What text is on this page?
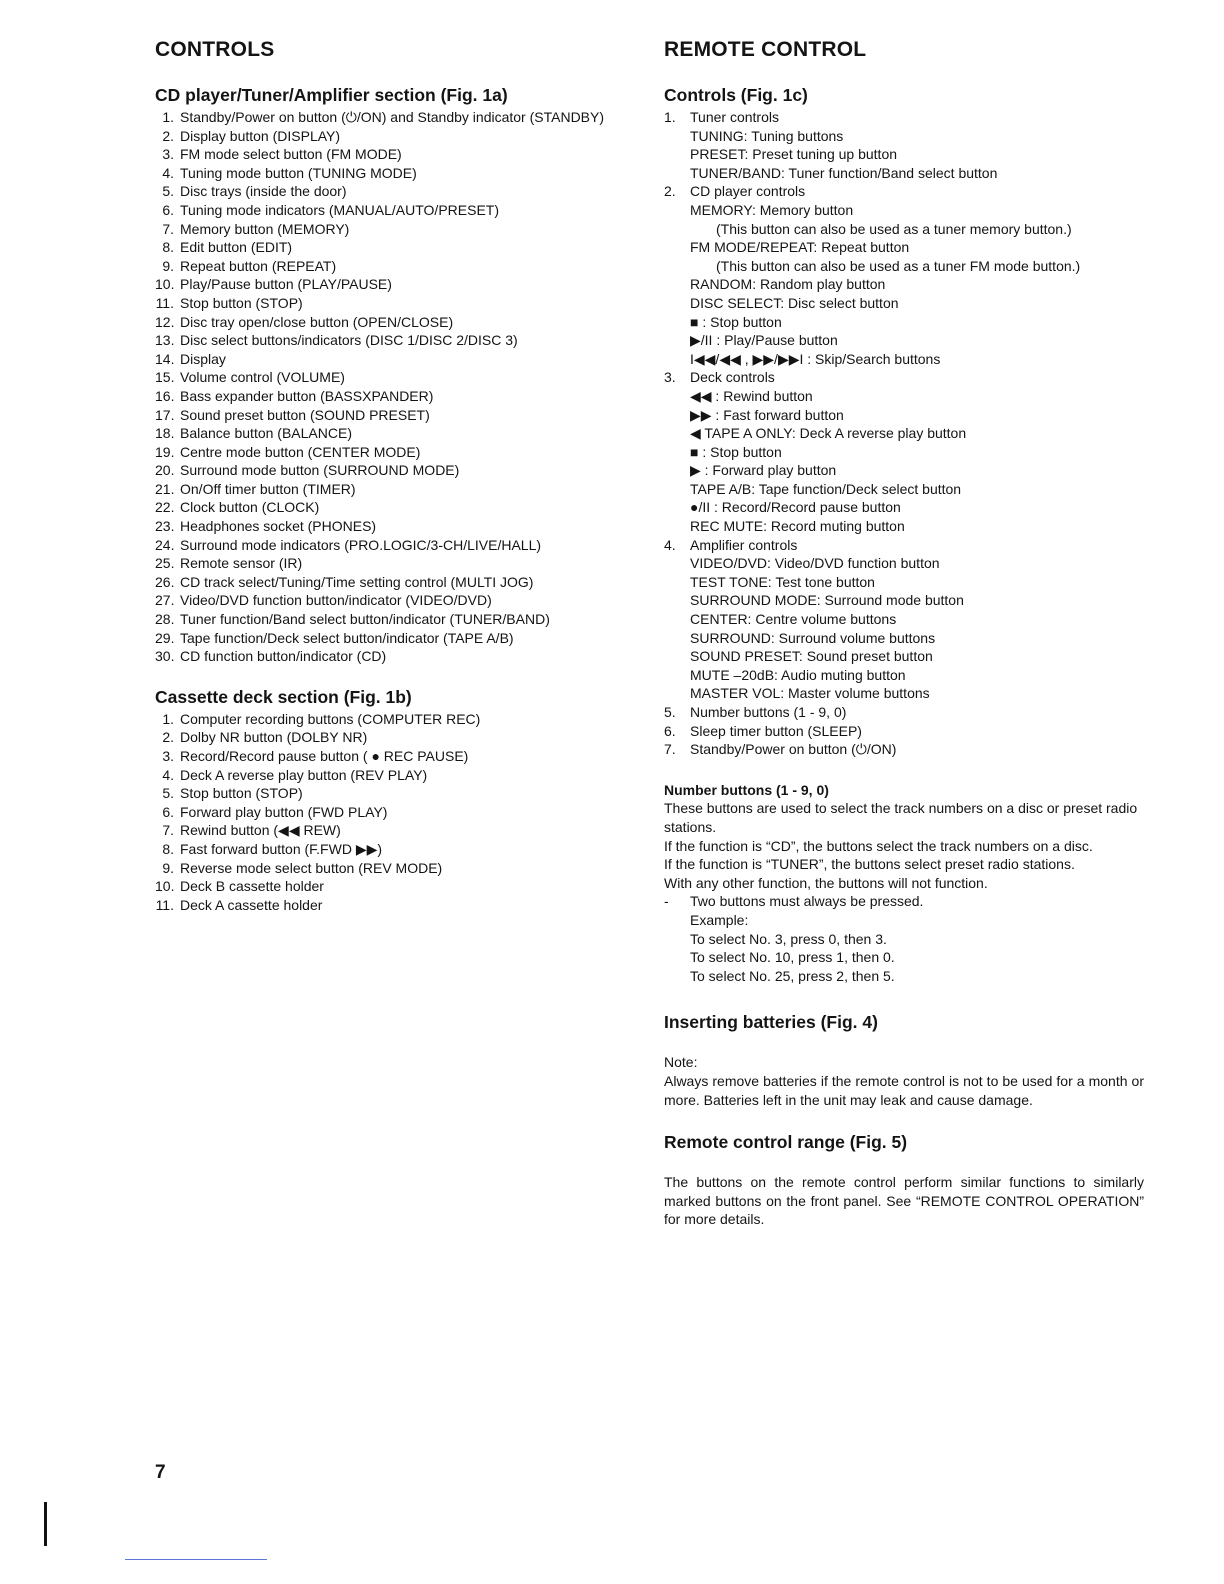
CONTROLS
CD player/Tuner/Amplifier section (Fig. 1a)
1. Standby/Power on button (⏻/ON) and Standby indicator (STANDBY)
2. Display button (DISPLAY)
3. FM mode select button (FM MODE)
4. Tuning mode button (TUNING MODE)
5. Disc trays (inside the door)
6. Tuning mode indicators (MANUAL/AUTO/PRESET)
7. Memory button (MEMORY)
8. Edit button (EDIT)
9. Repeat button (REPEAT)
10. Play/Pause button (PLAY/PAUSE)
11. Stop button (STOP)
12. Disc tray open/close button (OPEN/CLOSE)
13. Disc select buttons/indicators (DISC 1/DISC 2/DISC 3)
14. Display
15. Volume control (VOLUME)
16. Bass expander button (BASSXPANDER)
17. Sound preset button (SOUND PRESET)
18. Balance button (BALANCE)
19. Centre mode button (CENTER MODE)
20. Surround mode button (SURROUND MODE)
21. On/Off timer button (TIMER)
22. Clock button (CLOCK)
23. Headphones socket (PHONES)
24. Surround mode indicators (PRO.LOGIC/3-CH/LIVE/HALL)
25. Remote sensor (IR)
26. CD track select/Tuning/Time setting control (MULTI JOG)
27. Video/DVD function button/indicator (VIDEO/DVD)
28. Tuner function/Band select button/indicator (TUNER/BAND)
29. Tape function/Deck select button/indicator (TAPE A/B)
30. CD function button/indicator (CD)
Cassette deck section (Fig. 1b)
1. Computer recording buttons (COMPUTER REC)
2. Dolby NR button (DOLBY NR)
3. Record/Record pause button ( ● REC PAUSE)
4. Deck A reverse play button (REV PLAY)
5. Stop button (STOP)
6. Forward play button (FWD PLAY)
7. Rewind button (◀◀ REW)
8. Fast forward button (F.FWD ▶▶)
9. Reverse mode select button (REV MODE)
10. Deck B cassette holder
11. Deck A cassette holder
REMOTE CONTROL
Controls (Fig. 1c)
1. Tuner controls
TUNING: Tuning buttons
PRESET: Preset tuning up button
TUNER/BAND: Tuner function/Band select button
2. CD player controls
MEMORY: Memory button
(This button can also be used as a tuner memory button.)
FM MODE/REPEAT: Repeat button
(This button can also be used as a tuner FM mode button.)
RANDOM: Random play button
DISC SELECT: Disc select button
■ : Stop button
▶/II : Play/Pause button
I◀◀/◀◀ , ▶▶/▶▶I : Skip/Search buttons
3. Deck controls
◀◀ : Rewind button
▶▶ : Fast forward button
◀ TAPE A ONLY: Deck A reverse play button
■ : Stop button
▶ : Forward play button
TAPE A/B: Tape function/Deck select button
●/II : Record/Record pause button
REC MUTE: Record muting button
4. Amplifier controls
VIDEO/DVD: Video/DVD function button
TEST TONE: Test tone button
SURROUND MODE: Surround mode button
CENTER: Centre volume buttons
SURROUND: Surround volume buttons
SOUND PRESET: Sound preset button
MUTE –20dB: Audio muting button
MASTER VOL: Master volume buttons
5. Number buttons (1 - 9, 0)
6. Sleep timer button (SLEEP)
7. Standby/Power on button (⏻/ON)
Number buttons (1 - 9, 0)

These buttons are used to select the track numbers on a disc or preset radio stations.

If the function is “CD”, the buttons select the track numbers on a disc.

If the function is “TUNER”, the buttons select preset radio stations.

With any other function, the buttons will not function.

- Two buttons must always be pressed.
Example:
To select No. 3, press 0, then 3.
To select No. 10, press 1, then 0.
To select No. 25, press 2, then 5.
Inserting batteries (Fig. 4)

Note:

Always remove batteries if the remote control is not to be used for a month or more. Batteries left in the unit may leak and cause damage.

Remote control range (Fig. 5)

The buttons on the remote control perform similar functions to similarly marked buttons on the front panel. See “REMOTE CONTROL OPERATION” for more details.

7
